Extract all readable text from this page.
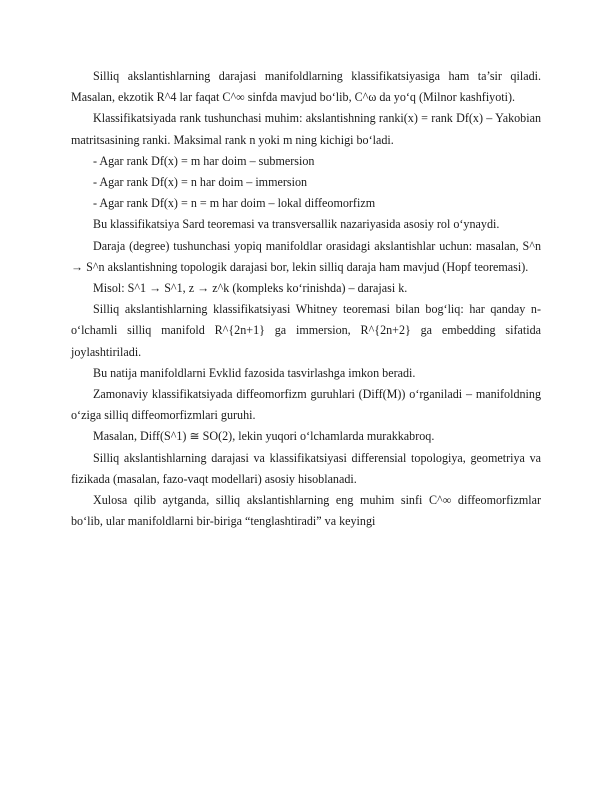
Silliq akslantishlarning darajasi manifoldlarning klassifikatsiyasiga ham ta’sir qiladi. Masalan, ekzotik R^4 lar faqat C^∞ sinfda mavjud bo‘lib, C^ω da yo‘q (Milnor kashfiyoti).

Klassifikatsiyada rank tushunchasi muhim: akslantishning ranki(x) = rank Df(x) – Yakobian matritsasining ranki. Maksimal rank n yoki m ning kichigi bo‘ladi.

- Agar rank Df(x) = m har doim – submersion

- Agar rank Df(x) = n har doim – immersion

- Agar rank Df(x) = n = m har doim – lokal diffeomorfizm

Bu klassifikatsiya Sard teoremasi va transversallik nazariyasida asosiy rol o‘ynaydi.

Daraja (degree) tushunchasi yopiq manifoldlar orasidagi akslantishlar uchun: masalan, S^n → S^n akslantishning topologik darajasi bor, lekin silliq daraja ham mavjud (Hopf teoremasi).

Misol: S^1 → S^1, z → z^k (kompleks ko‘rinishda) – darajasi k.

Silliq akslantishlarning klassifikatsiyasi Whitney teoremasi bilan bog‘liq: har qanday n-o‘lchamli silliq manifold R^{2n+1} ga immersion, R^{2n+2} ga embedding sifatida joylashtiriladi.

Bu natija manifoldlarni Evklid fazosida tasvirlashga imkon beradi.

Zamonaviy klassifikatsiyada diffeomorfizm guruhlari (Diff(M)) o‘rganiladi – manifoldning o‘ziga silliq diffeomorfizmlari guruhi.

Masalan, Diff(S^1) ≅ SO(2), lekin yuqori o‘lchamlarda murakkabroq.

Silliq akslantishlarning darajasi va klassifikatsiyasi differensial topologiya, geometriya va fizikada (masalan, fazo-vaqt modellari) asosiy hisoblanadi.

Xulosa qilib aytganda, silliq akslantishlarning eng muhim sinfi C^∞ diffeomorfizmlar bo‘lib, ular manifoldlarni bir-biriga “tenglashtiradi” va keyingi
